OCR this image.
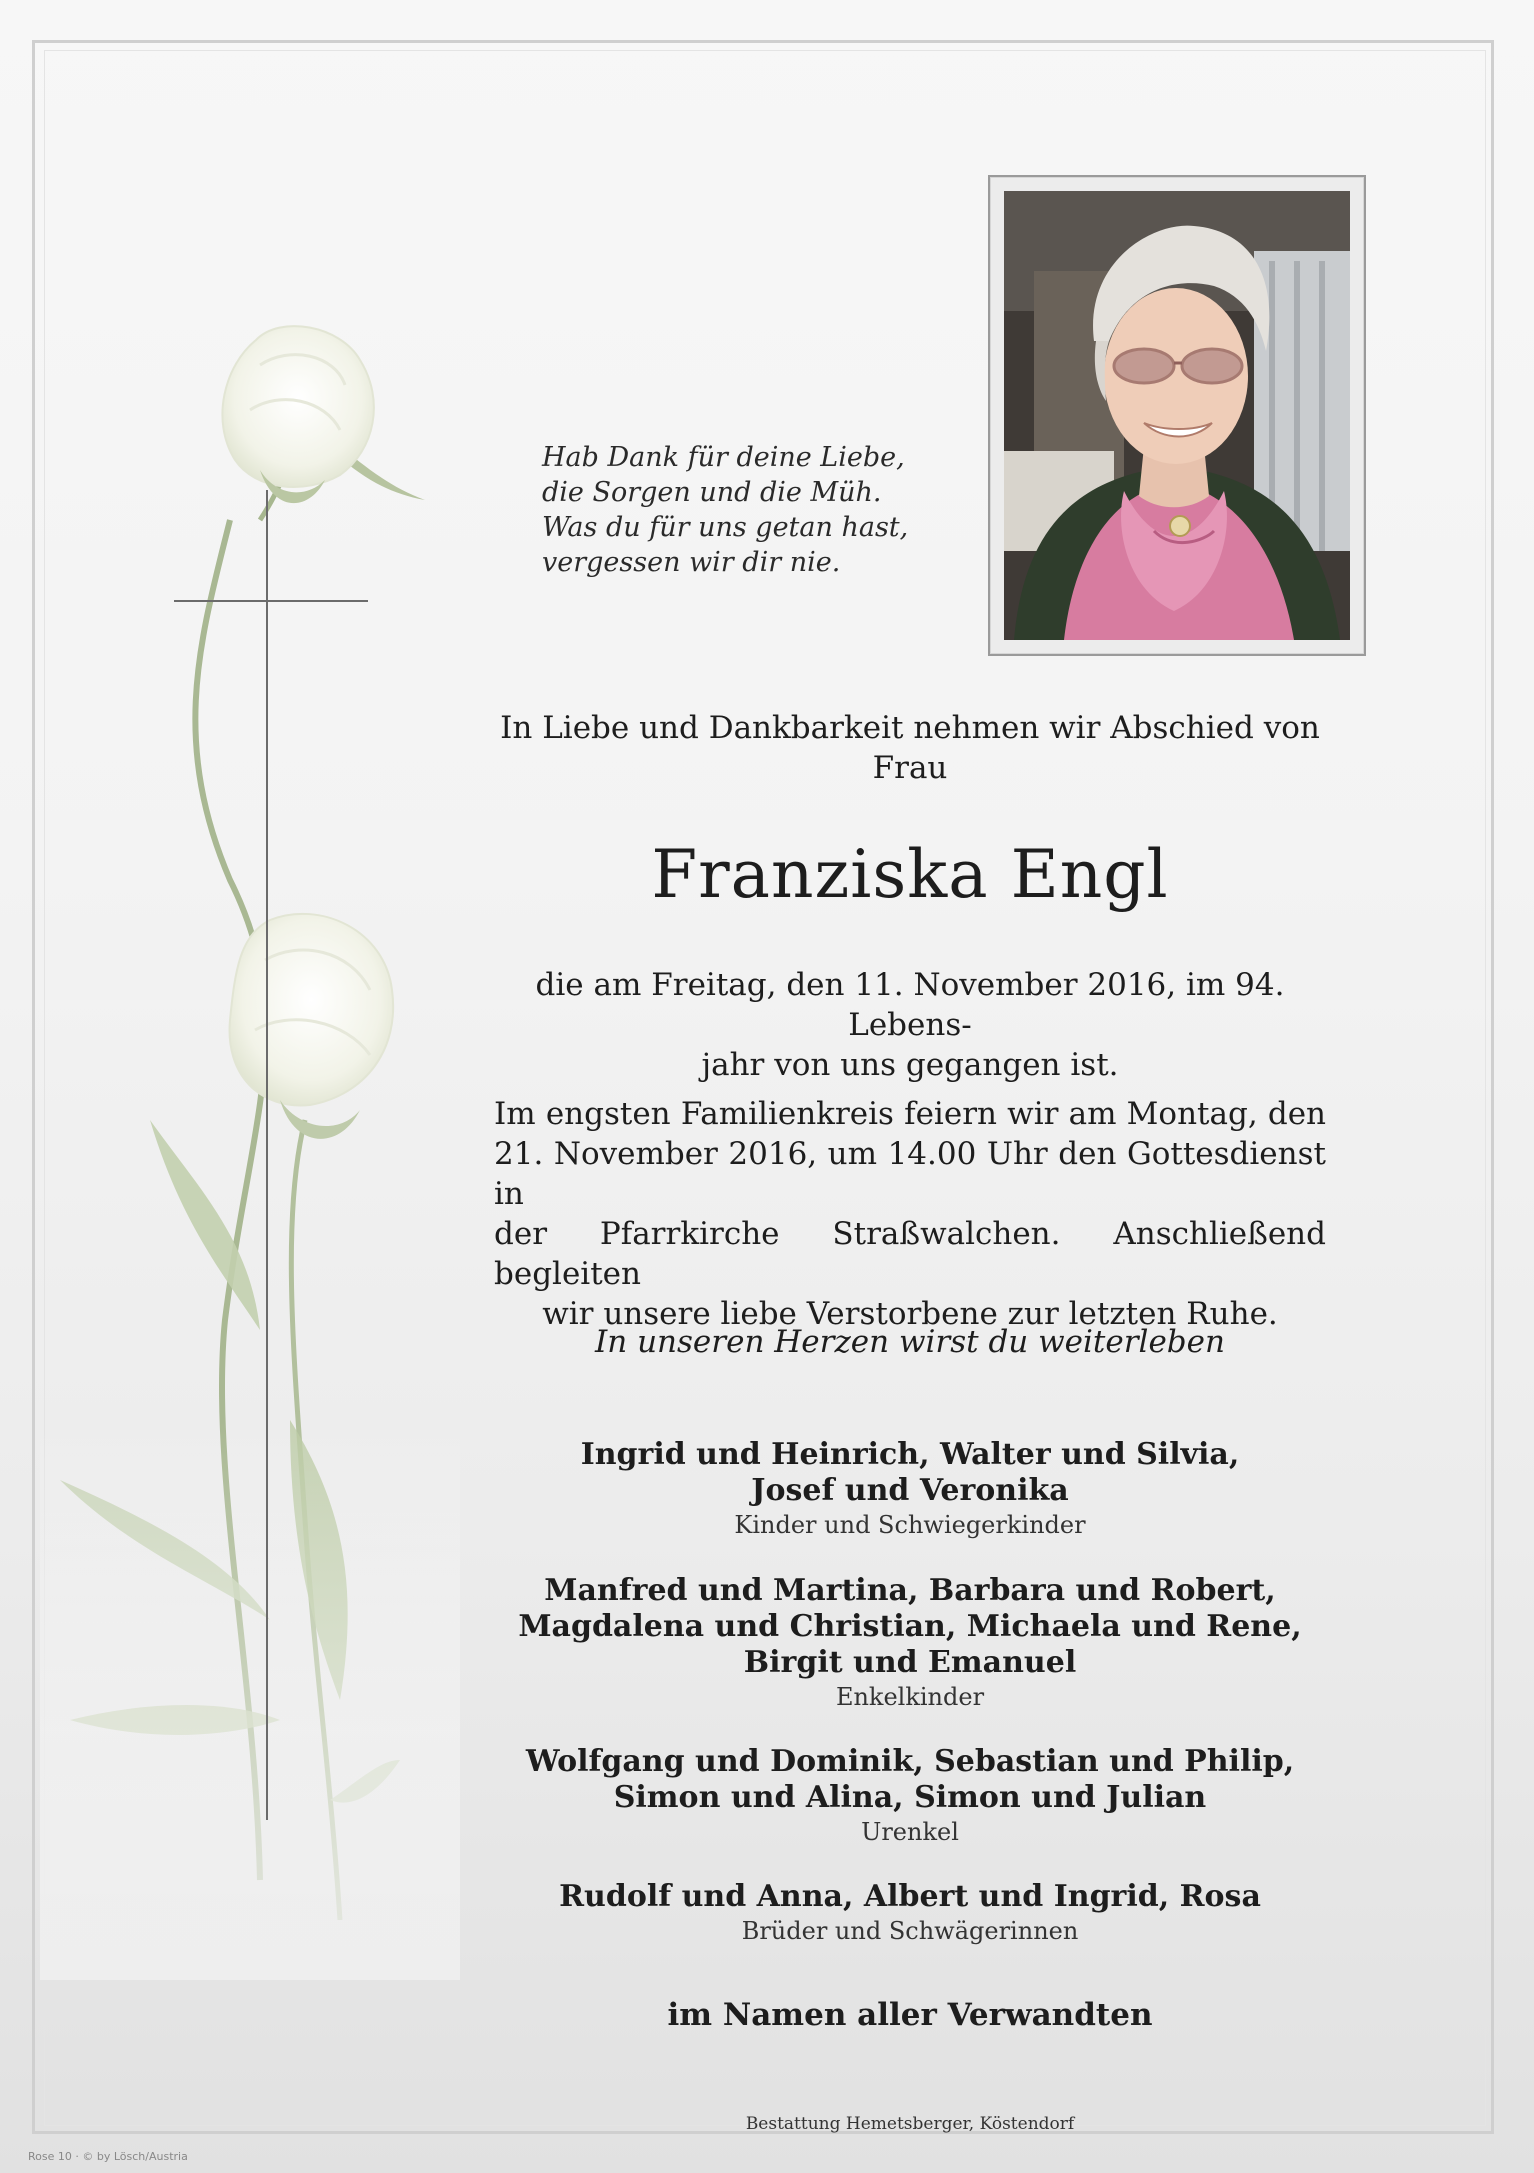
Hab Dank für deine Liebe,
die Sorgen und die Müh.
Was du für uns getan hast,
vergessen wir dir nie.
In Liebe und Dankbarkeit nehmen wir Abschied von
Frau
Franziska Engl
die am Freitag, den 11. November 2016, im 94. Lebens-
jahr von uns gegangen ist.
Im engsten Familienkreis feiern wir am Montag, den
21. November 2016, um 14.00 Uhr den Gottesdienst in
der Pfarrkirche Straßwalchen. Anschließend begleiten
wir unsere liebe Verstorbene zur letzten Ruhe.
In unseren Herzen wirst du weiterleben
Ingrid und Heinrich, Walter und Silvia,
Josef und Veronika
Kinder und Schwiegerkinder
Manfred und Martina, Barbara und Robert,
Magdalena und Christian, Michaela und Rene,
Birgit und Emanuel
Enkelkinder
Wolfgang und Dominik, Sebastian und Philip,
Simon und Alina, Simon und Julian
Urenkel
Rudolf und Anna, Albert und Ingrid, Rosa
Brüder und Schwägerinnen
im Namen aller Verwandten
Bestattung Hemetsberger, Köstendorf
Rose 10 · © by Lösch/Austria
